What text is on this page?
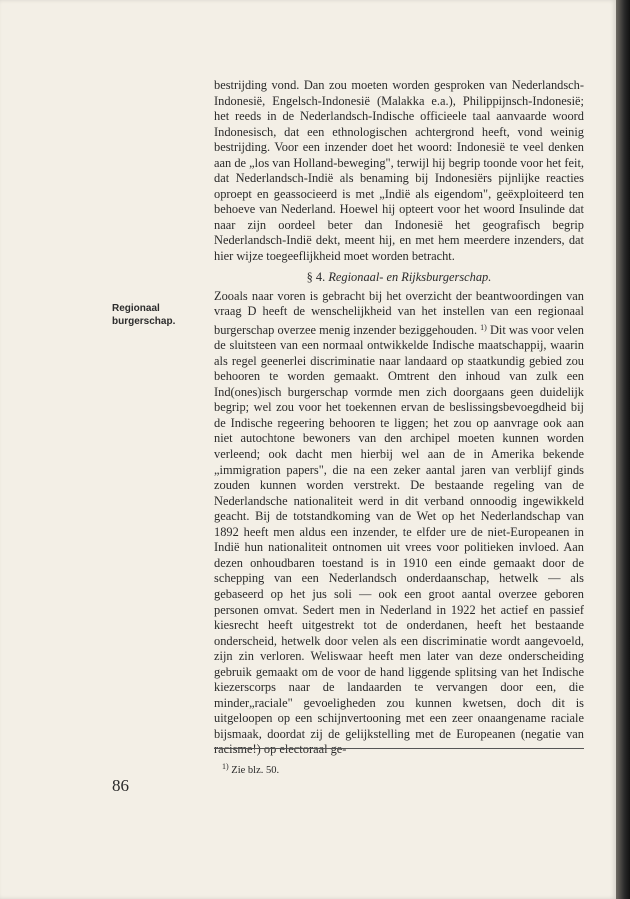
bestrijding vond. Dan zou moeten worden gesproken van Nederlandsch-Indonesië, Engelsch-Indonesië (Malakka e.a.), Philippijnsch-Indonesië; het reeds in de Nederlandsch-Indische officieele taal aanvaarde woord Indonesisch, dat een ethnologischen achtergrond heeft, vond weinig bestrijding. Voor een inzender doet het woord: Indonesië te veel denken aan de „los van Holland-beweging", terwijl hij begrip toonde voor het feit, dat Nederlandsch-Indië als benaming bij Indonesiërs pijnlijke reacties oproept en geassocieerd is met „Indië als eigendom", geëxploiteerd ten behoeve van Nederland. Hoewel hij opteert voor het woord Insulinde dat naar zijn oordeel beter dan Indonesië het geografisch begrip Nederlandsch-Indië dekt, meent hij, en met hem meerdere inzenders, dat hier wijze toegeeflijkheid moet worden betracht.

§ 4. Regionaal- en Rijksburgerschap.

Zooals naar voren is gebracht bij het overzicht der beantwoordingen van vraag D heeft de wenschelijkheid van het instellen van een regionaal burgerschap overzee menig inzender beziggehouden. $^{1)}$ Dit was voor velen de sluitsteen van een normaal ontwikkelde Indische maatschappij, waarin als regel geenerlei discriminatie naar landaard op staatkundig gebied zou behooren te worden gemaakt. Omtrent den inhoud van zulk een Ind(ones)isch burgerschap vormde men zich doorgaans geen duidelijk begrip; wel zou voor het toekennen ervan de beslissingsbevoegdheid bij de Indische regeering behooren te liggen; het zou op aanvrage ook aan niet autochtone bewoners van den archipel moeten kunnen worden verleend; ook dacht men hierbij wel aan de in Amerika bekende „immigration papers", die na een zeker aantal jaren van verblijf ginds zouden kunnen worden verstrekt. De bestaande regeling van de Nederlandsche nationaliteit werd in dit verband onnoodig ingewikkeld geacht. Bij de totstandkoming van de Wet op het Nederlandschap van 1892 heeft men aldus een inzender, te elfder ure de niet-Europeanen in Indië hun nationaliteit ontnomen uit vrees voor politieken invloed. Aan dezen onhoudbaren toestand is in 1910 een einde gemaakt door de schepping van een Nederlandsch onderdaanschap, hetwelk — als gebaseerd op het jus soli — ook een groot aantal overzee geboren personen omvat. Sedert men in Nederland in 1922 het actief en passief kiesrecht heeft uitgestrekt tot de onderdanen, heeft het bestaande onderscheid, hetwelk door velen als een discriminatie wordt aangevoeld, zijn zin verloren. Weliswaar heeft men later van deze onderscheiding gebruik gemaakt om de voor de hand liggende splitsing van het Indische kiezerscorps naar de landaarden te vervangen door een, die minder„raciale" gevoeligheden zou kunnen kwetsen, doch dit is uitgeloopen op een schijnvertooning met een zeer onaangename raciale bijsmaak, doordat zij de gelijkstelling met de Europeanen (negatie van racisme!) op electoraal ge-

Regionaal burgerschap.
$^{1)}$ Zie blz. 50.
86
